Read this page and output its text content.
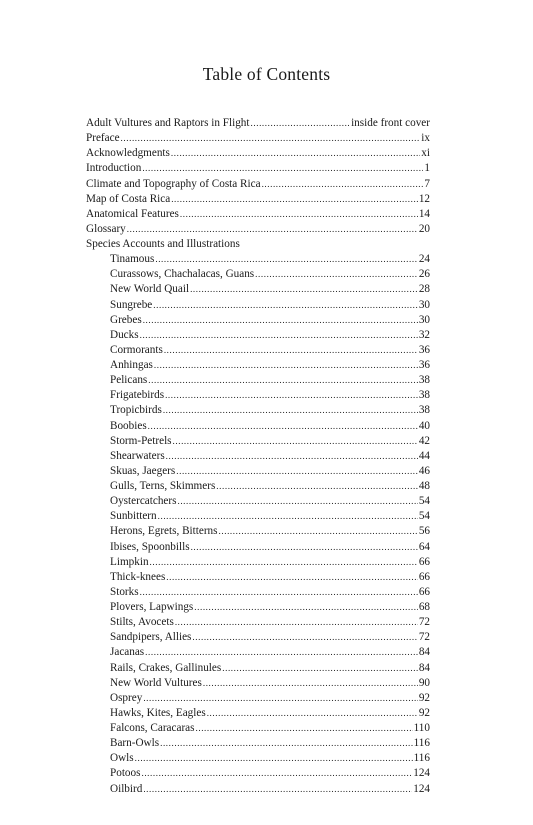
Table of Contents
Adult Vultures and Raptors in Flight .....	inside front cover
Preface .....	ix
Acknowledgments .....	xi
Introduction .....	1
Climate and Topography of Costa Rica .....	7
Map of Costa Rica .....	12
Anatomical Features .....	14
Glossary .....	20
Species Accounts and Illustrations
Tinamous .....	24
Curassows, Chachalacas, Guans .....	26
New World Quail .....	28
Sungrebe .....	30
Grebes .....	30
Ducks .....	32
Cormorants .....	36
Anhingas .....	36
Pelicans .....	38
Frigatebirds .....	38
Tropicbirds .....	38
Boobies .....	40
Storm-Petrels .....	42
Shearwaters .....	44
Skuas, Jaegers .....	46
Gulls, Terns, Skimmers .....	48
Oystercatchers .....	54
Sunbittern .....	54
Herons, Egrets, Bitterns .....	56
Ibises, Spoonbills .....	64
Limpkin .....	66
Thick-knees .....	66
Storks .....	66
Plovers, Lapwings .....	68
Stilts, Avocets .....	72
Sandpipers, Allies .....	72
Jacanas .....	84
Rails, Crakes, Gallinules .....	84
New World Vultures .....	90
Osprey .....	92
Hawks, Kites, Eagles .....	92
Falcons, Caracaras .....	110
Barn-Owls .....	116
Owls .....	116
Potoos .....	124
Oilbird .....	124
